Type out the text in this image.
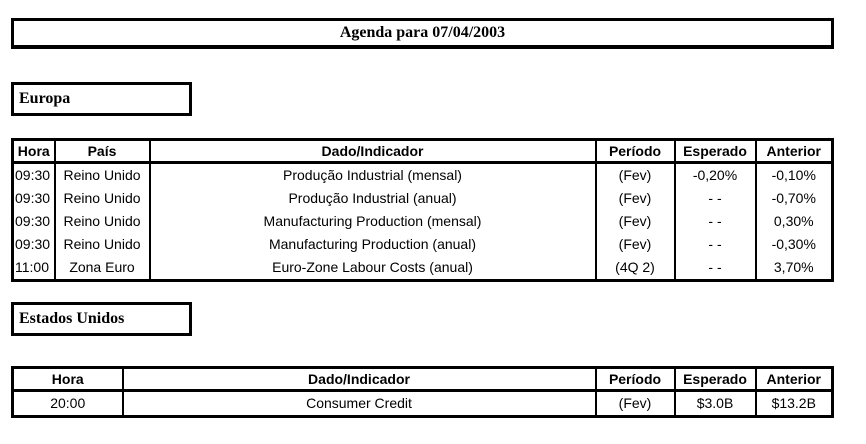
Agenda para 07/04/2003
Europa
Hora	País	Dado/Indicador	Período	Esperado	Anterior
09:30	Reino Unido	Produção Industrial (mensal)	(Fev)	-0,20%	-0,10%
09:30	Reino Unido	Produção Industrial (anual)	(Fev)	- -	-0,70%
09:30	Reino Unido	Manufacturing Production (mensal)	(Fev)	- -	0,30%
09:30	Reino Unido	Manufacturing Production (anual)	(Fev)	- -	-0,30%
11:00	Zona Euro	Euro-Zone Labour Costs (anual)	(4Q 2)	- -	3,70%
Estados Unidos
Hora	Dado/Indicador	Período	Esperado	Anterior
20:00	Consumer Credit	(Fev)	$3.0B	$13.2B
